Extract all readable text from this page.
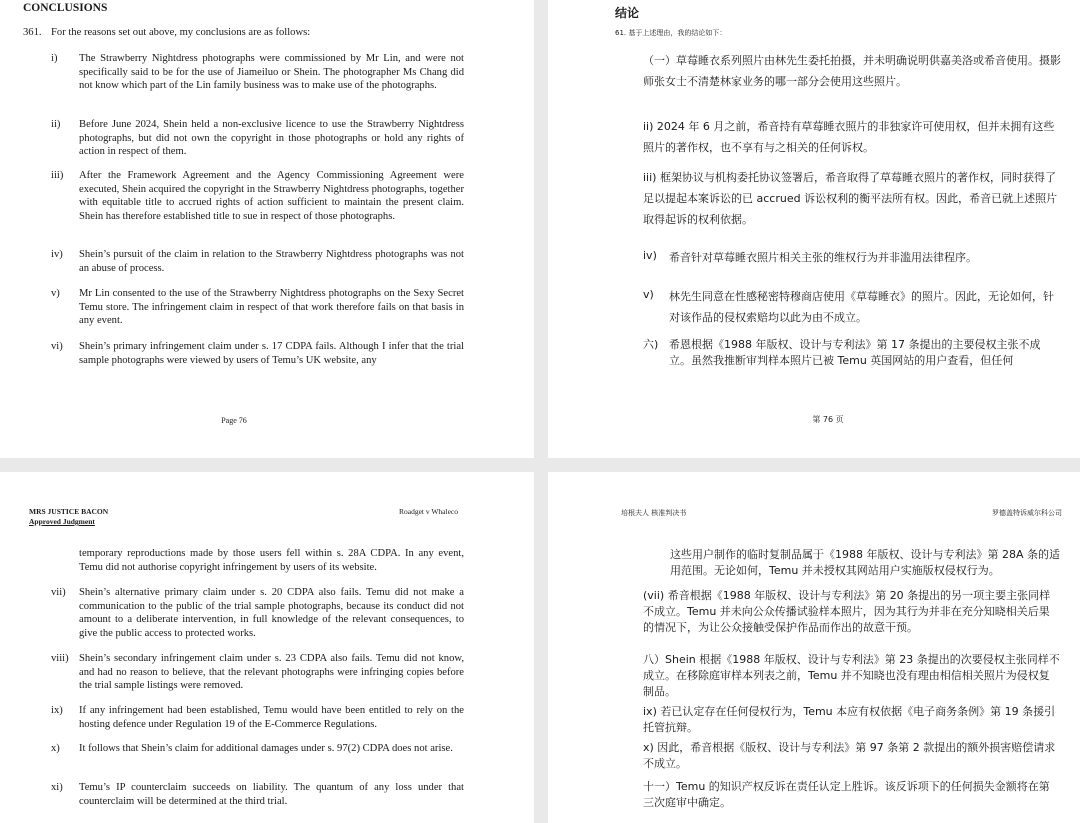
CONCLUSIONS
361. For the reasons set out above, my conclusions are as follows:
i) The Strawberry Nightdress photographs were commissioned by Mr Lin, and were not specifically said to be for the use of Jiameiluo or Shein. The photographer Ms Chang did not know which part of the Lin family business was to make use of the photographs.
ii) Before June 2024, Shein held a non-exclusive licence to use the Strawberry Nightdress photographs, but did not own the copyright in those photographs or hold any rights of action in respect of them.
iii) After the Framework Agreement and the Agency Commissioning Agreement were executed, Shein acquired the copyright in the Strawberry Nightdress photographs, together with equitable title to accrued rights of action sufficient to maintain the present claim. Shein has therefore established title to sue in respect of those photographs.
iv) Shein’s pursuit of the claim in relation to the Strawberry Nightdress photographs was not an abuse of process.
v) Mr Lin consented to the use of the Strawberry Nightdress photographs on the Sexy Secret Temu store. The infringement claim in respect of that work therefore fails on that basis in any event.
vi) Shein’s primary infringement claim under s. 17 CDPA fails. Although I infer that the trial sample photographs were viewed by users of Temu’s UK website, any
Page 76
结论
61. 基于上述理由，我的结论如下：
（一）草莓睡衣系列照片由林先生委托拍摄，并未明确说明供嘉美洛或希音使用。摄影师张女士不清楚林家业务的哪一部分会使用这些照片。
ii) 2024 年 6 月之前，希音持有草莓睡衣照片的非独家许可使用权，但并未拥有这些照片的著作权，也不享有与之相关的任何诉权。
iii) 框架协议与机构委托协议签署后，希音取得了草莓睡衣照片的著作权，同时获得了足以提起本案诉讼的已 accrued 诉讼权利的衡平法所有权。因此，希音已就上述照片取得起诉的权利依据。
iv) 希音针对草莓睡衣照片相关主张的维权行为并非滥用法律程序。
v) 林先生同意在性感秘密特穆商店使用《草莓睡衣》的照片。因此，无论如何，针对该作品的侵权索赔均以此为由不成立。
六) 希恩根据《1988 年版权、设计与专利法》第 17 条提出的主要侵权主张不成立。虽然我推断审判样本照片已被 Temu 英国网站的用户查看，但任何
第 76 页
MRS JUSTICE BACON
Approved Judgment
Roadget v Whaleco
temporary reproductions made by those users fell within s. 28A CDPA. In any event, Temu did not authorise copyright infringement by users of its website.
vii) Shein’s alternative primary claim under s. 20 CDPA also fails. Temu did not make a communication to the public of the trial sample photographs, because its conduct did not amount to a deliberate intervention, in full knowledge of the relevant consequences, to give the public access to protected works.
viii) Shein’s secondary infringement claim under s. 23 CDPA also fails. Temu did not know, and had no reason to believe, that the relevant photographs were infringing copies before the trial sample listings were removed.
ix) If any infringement had been established, Temu would have been entitled to rely on the hosting defence under Regulation 19 of the E-Commerce Regulations.
x) It follows that Shein’s claim for additional damages under s. 97(2) CDPA does not arise.
xi) Temu’s IP counterclaim succeeds on liability. The quantum of any loss under that counterclaim will be determined at the third trial.
培根夫人 核准判决书	罗德盖特诉威尔科公司
这些用户制作的临时复制品属于《1988 年版权、设计与专利法》第 28A 条的适用范围。无论如何，Temu 并未授权其网站用户实施版权侵权行为。
(vii) 希音根据《1988 年版权、设计与专利法》第 20 条提出的另一项主要主张同样不成立。Temu 并未向公众传播试验样本照片，因为其行为并非在充分知晓相关后果的情况下，为让公众接触受保护作品而作出的故意干预。
八）Shein 根据《1988 年版权、设计与专利法》第 23 条提出的次要侵权主张同样不成立。在移除庭审样本列表之前，Temu 并不知晓也没有理由相信相关照片为侵权复制品。
ix) 若已认定存在任何侵权行为，Temu 本应有权依据《电子商务条例》第 19 条援引托管抗辩。
x) 因此，希音根据《版权、设计与专利法》第 97 条第 2 款提出的额外损害赔偿请求不成立。
十一）Temu 的知识产权反诉在责任认定上胜诉。该反诉项下的任何损失金额将在第三次庭审中确定。
